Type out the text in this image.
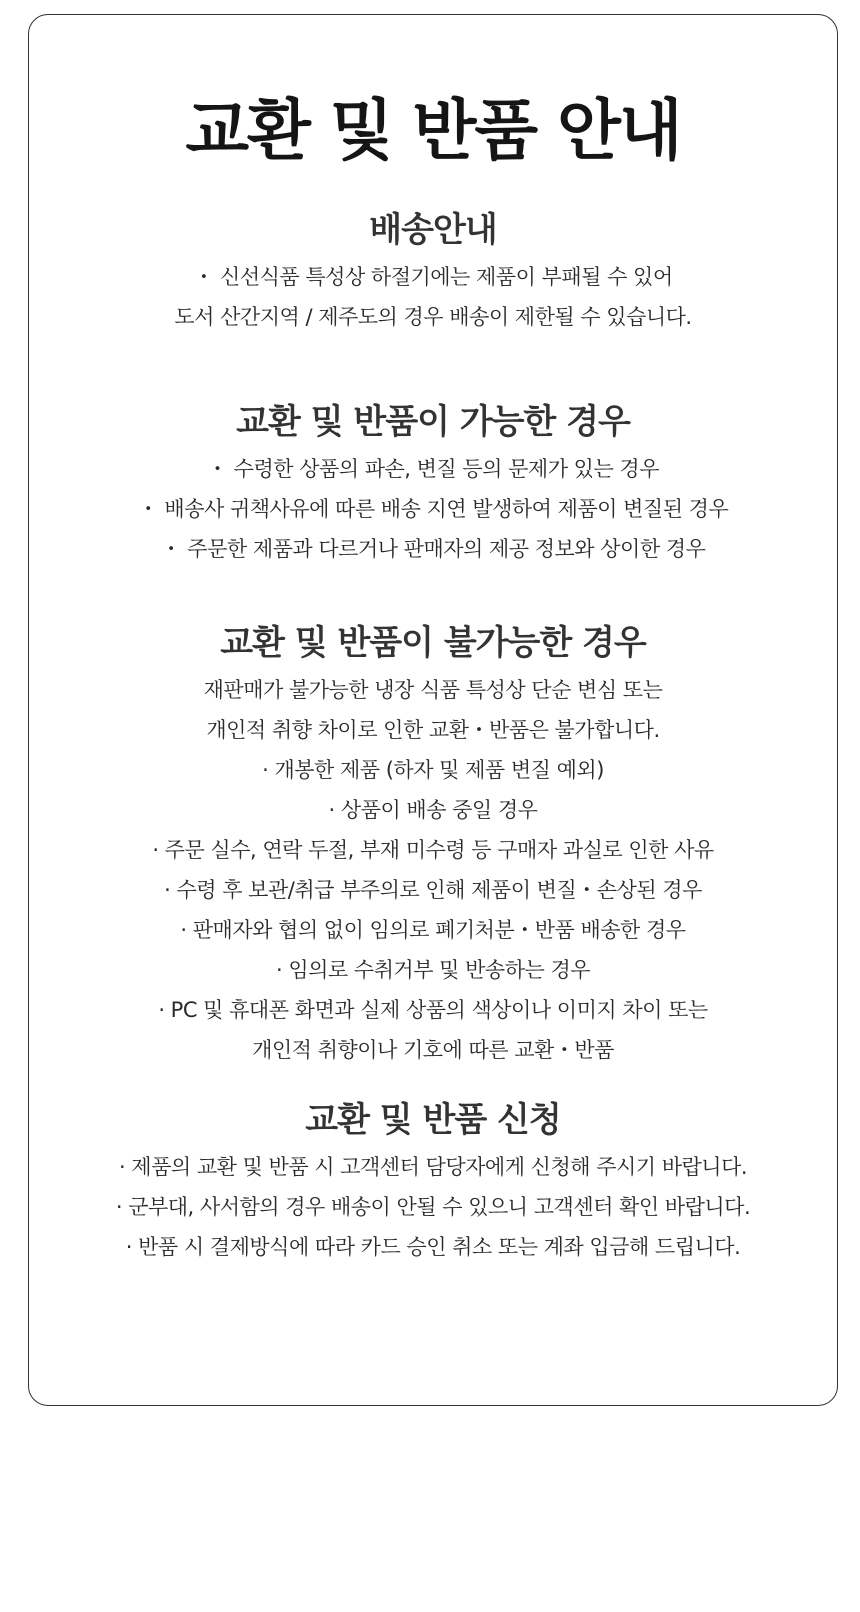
교환 및 반품 안내
배송안내
・ 신선식품 특성상 하절기에는 제품이 부패될 수 있어
도서 산간지역 / 제주도의 경우 배송이 제한될 수 있습니다.
교환 및 반품이 가능한 경우
・ 수령한 상품의 파손, 변질 등의 문제가 있는 경우
・ 배송사 귀책사유에 따른 배송 지연 발생하여 제품이 변질된 경우
・ 주문한 제품과 다르거나 판매자의 제공 정보와 상이한 경우
교환 및 반품이 불가능한 경우
재판매가 불가능한 냉장 식품 특성상 단순 변심 또는
개인적 취향 차이로 인한 교환・반품은 불가합니다.
· 개봉한 제품 (하자 및 제품 변질 예외)
· 상품이 배송 중일 경우
· 주문 실수, 연락 두절, 부재 미수령 등 구매자 과실로 인한 사유
· 수령 후 보관/취급 부주의로 인해 제품이 변질・손상된 경우
· 판매자와 협의 없이 임의로 폐기처분・반품 배송한 경우
· 임의로 수취거부 및 반송하는 경우
· PC 및 휴대폰 화면과 실제 상품의 색상이나 이미지 차이 또는
개인적 취향이나 기호에 따른 교환・반품
교환 및 반품 신청
· 제품의 교환 및 반품 시 고객센터 담당자에게 신청해 주시기 바랍니다.
· 군부대, 사서함의 경우 배송이 안될 수 있으니 고객센터 확인 바랍니다.
· 반품 시 결제방식에 따라 카드 승인 취소 또는 계좌 입금해 드립니다.
